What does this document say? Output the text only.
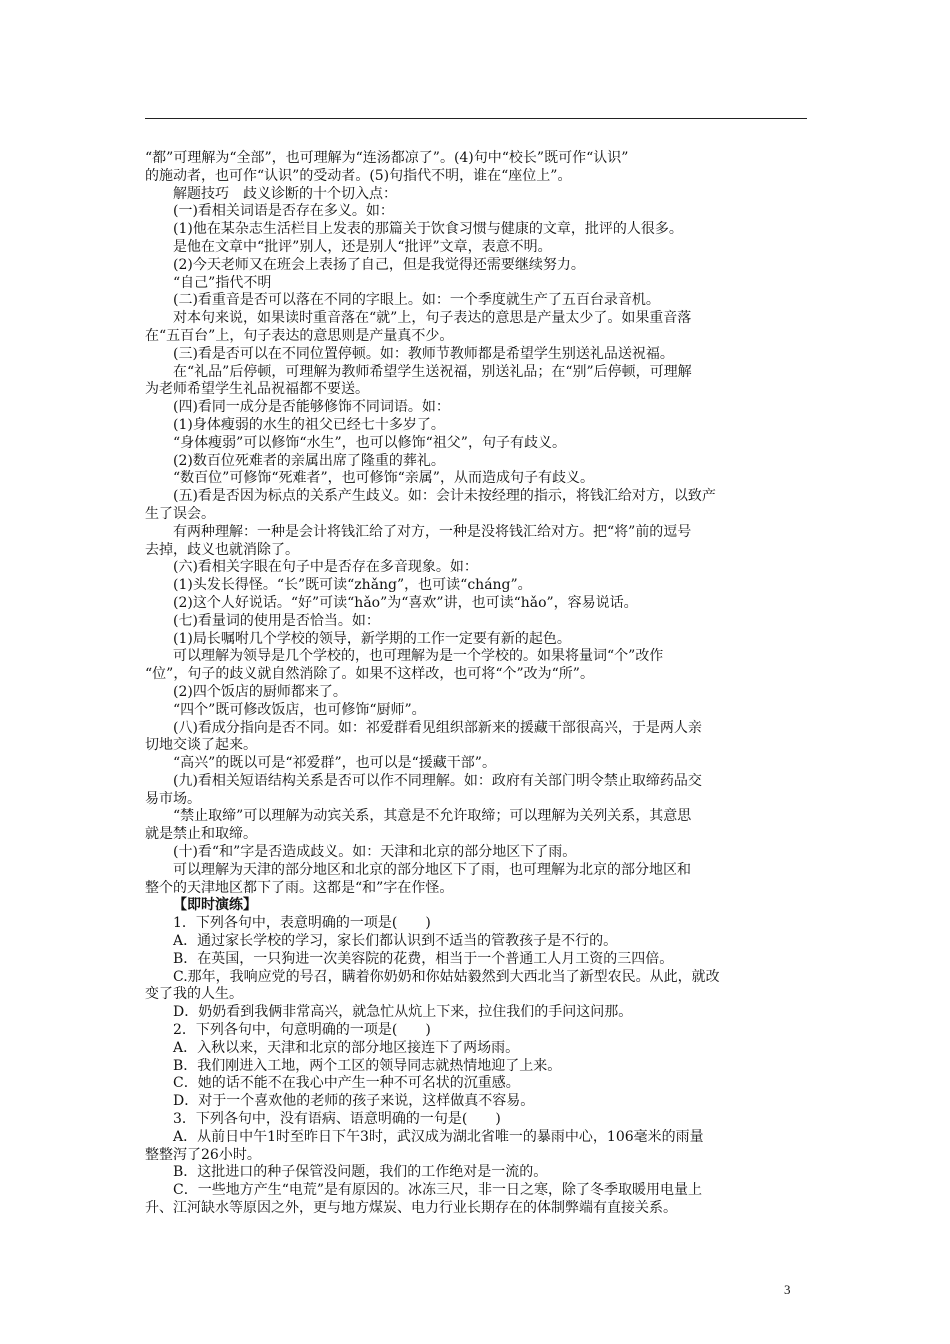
“都”可理解为“全部”，也可理解为“连汤都凉了”。(4)句中“校长”既可作“认识”
的施动者，也可作“认识”的受动者。(5)句指代不明，谁在“座位上”。
解题技巧　歧义诊断的十个切入点：
(一)看相关词语是否存在多义。如：
(1)他在某杂志生活栏目上发表的那篇关于饮食习惯与健康的文章，批评的人很多。
是他在文章中“批评”别人，还是别人“批评”文章，表意不明。
(2)今天老师又在班会上表扬了自己，但是我觉得还需要继续努力。
“自己”指代不明
(二)看重音是否可以落在不同的字眼上。如：一个季度就生产了五百台录音机。
对本句来说，如果读时重音落在“就”上，句子表达的意思是产量太少了。如果重音落
在“五百台”上，句子表达的意思则是产量真不少。
(三)看是否可以在不同位置停顿。如：教师节教师都是希望学生别送礼品送祝福。
在“礼品”后停顿，可理解为教师希望学生送祝福，别送礼品；在“别”后停顿，可理解
为老师希望学生礼品祝福都不要送。
(四)看同一成分是否能够修饰不同词语。如：
(1)身体瘦弱的水生的祖父已经七十多岁了。
“身体瘦弱”可以修饰“水生”，也可以修饰“祖父”，句子有歧义。
(2)数百位死难者的亲属出席了隆重的葬礼。
“数百位”可修饰“死难者”，也可修饰“亲属”，从而造成句子有歧义。
(五)看是否因为标点的关系产生歧义。如：会计未按经理的指示，将钱汇给对方，以致产
生了误会。
有两种理解：一种是会计将钱汇给了对方，一种是没将钱汇给对方。把“将”前的逗号
去掉，歧义也就消除了。
(六)看相关字眼在句子中是否存在多音现象。如：
(1)头发长得怪。“长”既可读“zhǎng”，也可读“cháng”。
(2)这个人好说话。“好”可读“hǎo”为“喜欢”讲，也可读“hǎo”，容易说话。
(七)看量词的使用是否恰当。如：
(1)局长嘱咐几个学校的领导，新学期的工作一定要有新的起色。
可以理解为领导是几个学校的，也可理解为是一个学校的。如果将量词“个”改作
“位”，句子的歧义就自然消除了。如果不这样改，也可将“个”改为“所”。
(2)四个饭店的厨师都来了。
“四个”既可修改饭店，也可修饰“厨师”。
(八)看成分指向是否不同。如：祁爱群看见组织部新来的援藏干部很高兴，于是两人亲
切地交谈了起来。
“高兴”的既以可是“祁爱群”，也可以是“援藏干部”。
(九)看相关短语结构关系是否可以作不同理解。如：政府有关部门明令禁止取缔药品交
易市场。
“禁止取缔”可以理解为动宾关系，其意是不允许取缔；可以理解为关列关系，其意思
就是禁止和取缔。
(十)看“和”字是否造成歧义。如：天津和北京的部分地区下了雨。
可以理解为天津的部分地区和北京的部分地区下了雨，也可理解为北京的部分地区和
整个的天津地区都下了雨。这都是“和”字在作怪。
【即时演练】
1．下列各句中，表意明确的一项是(　　)
A．通过家长学校的学习，家长们都认识到不适当的管教孩子是不行的。
B．在英国，一只狗进一次美容院的花费，相当于一个普通工人月工资的三四倍。
C.那年，我响应党的号召，瞒着你奶奶和你姑姑毅然到大西北当了新型农民。从此，就改
变了我的人生。
D．奶奶看到我俩非常高兴，就急忙从炕上下来，拉住我们的手问这问那。
2．下列各句中，句意明确的一项是(　　)
A．入秋以来，天津和北京的部分地区接连下了两场雨。
B．我们刚进入工地，两个工区的领导同志就热情地迎了上来。
C．她的话不能不在我心中产生一种不可名状的沉重感。
D．对于一个喜欢他的老师的孩子来说，这样做真不容易。
3．下列各句中，没有语病、语意明确的一句是(　　)
A．从前日中午1时至昨日下午3时，武汉成为湖北省唯一的暴雨中心，106毫米的雨量
整整泻了26小时。
B．这批进口的种子保管没问题，我们的工作绝对是一流的。
C．一些地方产生“电荒”是有原因的。冰冻三尺，非一日之寒，除了冬季取暖用电量上
升、江河缺水等原因之外，更与地方煤炭、电力行业长期存在的体制弊端有直接关系。
3
